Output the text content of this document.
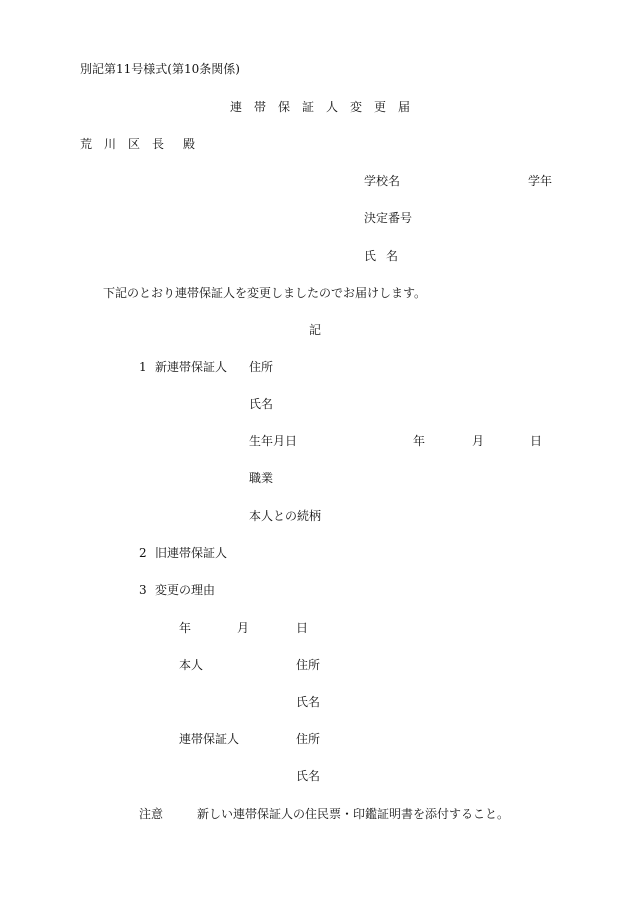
別記第11号様式(第10条関係)
連帯保証人変更届
荒川区長 殿
学校名	学年
決定番号
氏名
下記のとおり連帯保証人を変更しましたのでお届けします。
記
1 新連帯保証人 住所
氏名
生年月日	年	月	日
職業
本人との続柄
2 旧連帯保証人
3 変更の理由
年	月	日
本人	住所
氏名
連帯保証人	住所
氏名
注意	新しい連帯保証人の住民票・印鑑証明書を添付すること。
